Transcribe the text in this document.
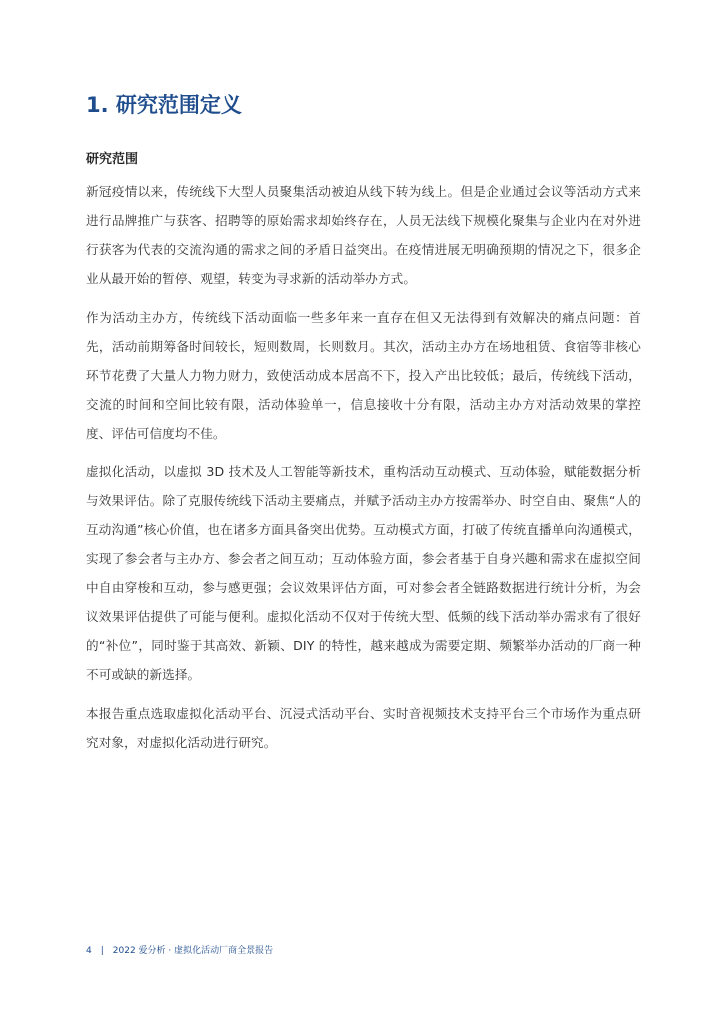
1. 研究范围定义
研究范围

新冠疫情以来，传统线下大型人员聚集活动被迫从线下转为线上。但是企业通过会议等活动方式来进行品牌推广与获客、招聘等的原始需求却始终存在，人员无法线下规模化聚集与企业内在对外进行获客为代表的交流沟通的需求之间的矛盾日益突出。在疫情进展无明确预期的情况之下，很多企业从最开始的暂停、观望，转变为寻求新的活动举办方式。

作为活动主办方，传统线下活动面临一些多年来一直存在但又无法得到有效解决的痛点问题：首先，活动前期筹备时间较长，短则数周，长则数月。其次，活动主办方在场地租赁、食宿等非核心环节花费了大量人力物力财力，致使活动成本居高不下，投入产出比较低；最后，传统线下活动，交流的时间和空间比较有限，活动体验单一，信息接收十分有限，活动主办方对活动效果的掌控度、评估可信度均不佳。

虚拟化活动，以虚拟 3D 技术及人工智能等新技术，重构活动互动模式、互动体验，赋能数据分析与效果评估。除了克服传统线下活动主要痛点，并赋予活动主办方按需举办、时空自由、聚焦“人的互动沟通”核心价值，也在诸多方面具备突出优势。互动模式方面，打破了传统直播单向沟通模式，实现了参会者与主办方、参会者之间互动；互动体验方面，参会者基于自身兴趣和需求在虚拟空间中自由穿梭和互动，参与感更强；会议效果评估方面，可对参会者全链路数据进行统计分析，为会议效果评估提供了可能与便利。虚拟化活动不仅对于传统大型、低频的线下活动举办需求有了很好的“补位”，同时鉴于其高效、新颖、DIY 的特性，越来越成为需要定期、频繁举办活动的厂商一种不可或缺的新选择。

本报告重点选取虚拟化活动平台、沉浸式活动平台、实时音视频技术支持平台三个市场作为重点研究对象，对虚拟化活动进行研究。

4 | 2022 爱分析 · 虚拟化活动厂商全景报告
